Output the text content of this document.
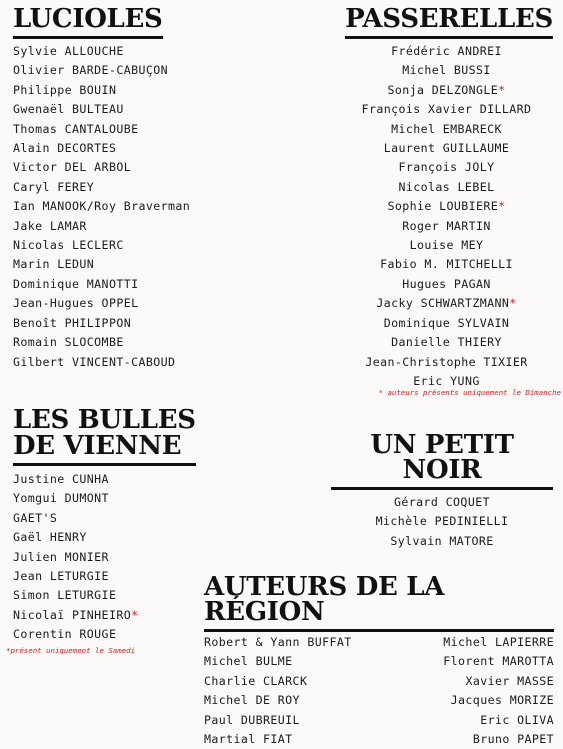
LUCIOLES
Sylvie ALLOUCHE
Olivier BARDE-CABUÇON
Philippe BOUIN
Gwenaël BULTEAU
Thomas CANTALOUBE
Alain DECORTES
Victor DEL ARBOL
Caryl FEREY
Ian MANOOK/Roy Braverman
Jake LAMAR
Nicolas LECLERC
Marin LEDUN
Dominique MANOTTI
Jean-Hugues OPPEL
Benoît PHILIPPON
Romain SLOCOMBE
Gilbert VINCENT-CABOUD
PASSERELLES
Frédéric ANDREI
Michel BUSSI
Sonja DELZONGLE*
François Xavier DILLARD
Michel EMBARECK
Laurent GUILLAUME
François JOLY
Nicolas LEBEL
Sophie LOUBIERE*
Roger MARTIN
Louise MEY
Fabio M. MITCHELLI
Hugues PAGAN
Jacky SCHWARTZMANN*
Dominique SYLVAIN
Danielle THIERY
Jean-Christophe TIXIER
Eric YUNG
* auteurs présents uniquement le Dimanche
LES BULLES
DE VIENNE
Justine CUNHA
Yomgui DUMONT
GAET'S
Gaël HENRY
Julien MONIER
Jean LETURGIE
Simon LETURGIE
Nicolaï PINHEIRO*
Corentin ROUGE
*présent uniquement le Samedi
UN PETIT NOIR
Gérard COQUET
Michèle PEDINIELLI
Sylvain MATORE
AUTEURS DE LA RÉGION
Robert & Yann BUFFAT
Michel BULME
Charlie CLARCK
Michel DE ROY
Paul DUBREUIL
Martial FIAT
Michel LAPIERRE
Florent MAROTTA
Xavier MASSE
Jacques MORIZE
Eric OLIVA
Bruno PAPET
